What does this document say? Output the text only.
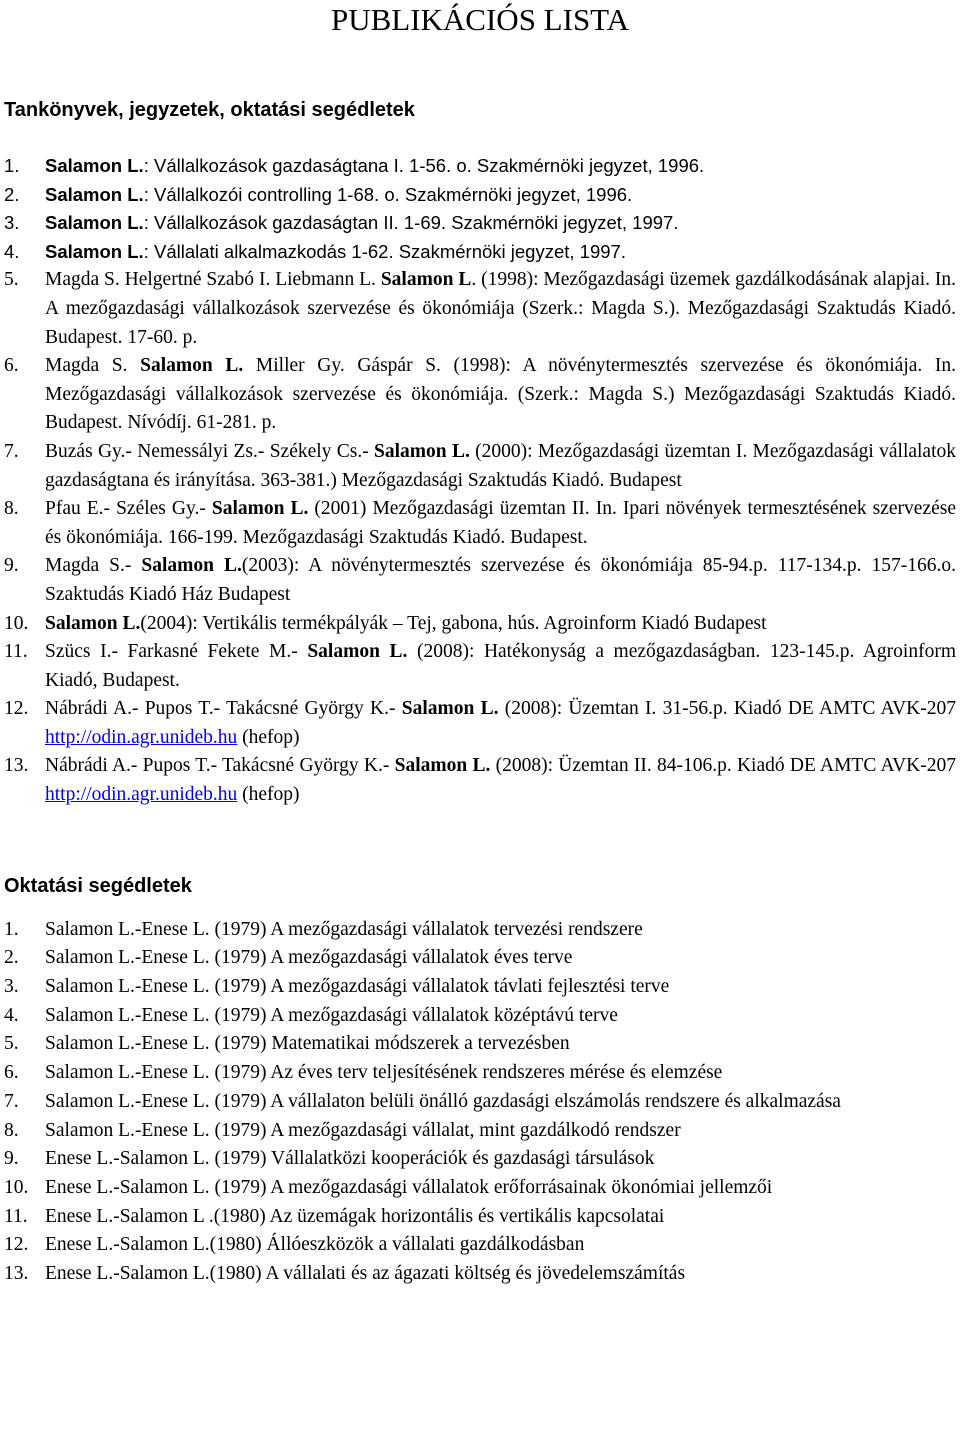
PUBLIKÁCIÓS LISTA
Tankönyvek, jegyzetek, oktatási segédletek
1.	Salamon L.: Vállalkozások gazdaságtana I. 1-56. o. Szakmérnöki jegyzet, 1996.
2.	Salamon L.: Vállalkozói controlling 1-68. o. Szakmérnöki jegyzet, 1996.
3.	Salamon L.: Vállalkozások gazdaságtan II. 1-69. Szakmérnöki jegyzet, 1997.
4.	Salamon L.: Vállalati alkalmazkodás 1-62. Szakmérnöki jegyzet, 1997.
5.	Magda S. Helgertné Szabó I. Liebmann L. Salamon L. (1998): Mezőgazdasági üzemek gazdálkodásának alapjai. In. A mezőgazdasági vállalkozások szervezése és ökonómiája (Szerk.: Magda S.). Mezőgazdasági Szaktudás Kiadó. Budapest. 17-60. p.
6.	Magda S. Salamon L. Miller Gy. Gáspár S. (1998): A növénytermesztés szervezése és ökonómiája. In. Mezőgazdasági vállalkozások szervezése és ökonómiája. (Szerk.: Magda S.) Mezőgazdasági Szaktudás Kiadó. Budapest. Nívódíj. 61-281. p.
7.	Buzás Gy.- Nemessályi Zs.- Székely Cs.- Salamon L. (2000): Mezőgazdasági üzemtan I. Mezőgazdasági vállalatok gazdaságtana és irányítása. 363-381.) Mezőgazdasági Szaktudás Kiadó. Budapest
8.	Pfau E.- Széles Gy.- Salamon L. (2001) Mezőgazdasági üzemtan II. In. Ipari növények termesztésének szervezése és ökonómiája. 166-199. Mezőgazdasági Szaktudás Kiadó. Budapest.
9.	Magda S.- Salamon L.(2003): A növénytermesztés szervezése és ökonómiája 85-94.p. 117-134.p. 157-166.o. Szaktudás Kiadó Ház Budapest
10. Salamon L.(2004): Vertikális termékpályák – Tej, gabona, hús. Agroinform Kiadó Budapest
11. Szücs I.- Farkasné Fekete M.- Salamon L. (2008): Hatékonyság a mezőgazdaságban. 123-145.p. Agroinform Kiadó, Budapest.
12. Nábrádi A.- Pupos T.- Takácsné György K.- Salamon L. (2008): Üzemtan I. 31-56.p. Kiadó DE AMTC AVK-207 http://odin.agr.unideb.hu (hefop)
13. Nábrádi A.- Pupos T.- Takácsné György K.- Salamon L. (2008): Üzemtan II. 84-106.p. Kiadó DE AMTC AVK-207 http://odin.agr.unideb.hu (hefop)
Oktatási segédletek
1.	Salamon L.-Enese L. (1979) A mezőgazdasági vállalatok tervezési rendszere
2.	Salamon L.-Enese L. (1979) A mezőgazdasági vállalatok éves terve
3.	Salamon L.-Enese L. (1979) A mezőgazdasági vállalatok távlati fejlesztési terve
4.	Salamon L.-Enese L. (1979) A mezőgazdasági vállalatok középtávú terve
5.	Salamon L.-Enese L. (1979) Matematikai módszerek a tervezésben
6.	Salamon L.-Enese L. (1979) Az éves terv teljesítésének rendszeres mérése és elemzése
7.	Salamon L.-Enese L. (1979) A vállalaton belüli önálló gazdasági elszámolás rendszere és alkalmazása
8.	Salamon L.-Enese L. (1979) A mezőgazdasági vállalat, mint gazdálkodó rendszer
9.	Enese L.-Salamon L. (1979) Vállalatközi kooperációk és gazdasági társulások
10. Enese L.-Salamon L. (1979) A mezőgazdasági vállalatok erőforrásainak ökonómiai jellemzői
11. Enese L.-Salamon L .(1980) Az üzemágak horizontális és vertikális kapcsolatai
12. Enese L.-Salamon L.(1980) Állóeszközök a vállalati gazdálkodásban
13. Enese L.-Salamon L.(1980) A vállalati és az ágazati költség és jövedelemszámítás
